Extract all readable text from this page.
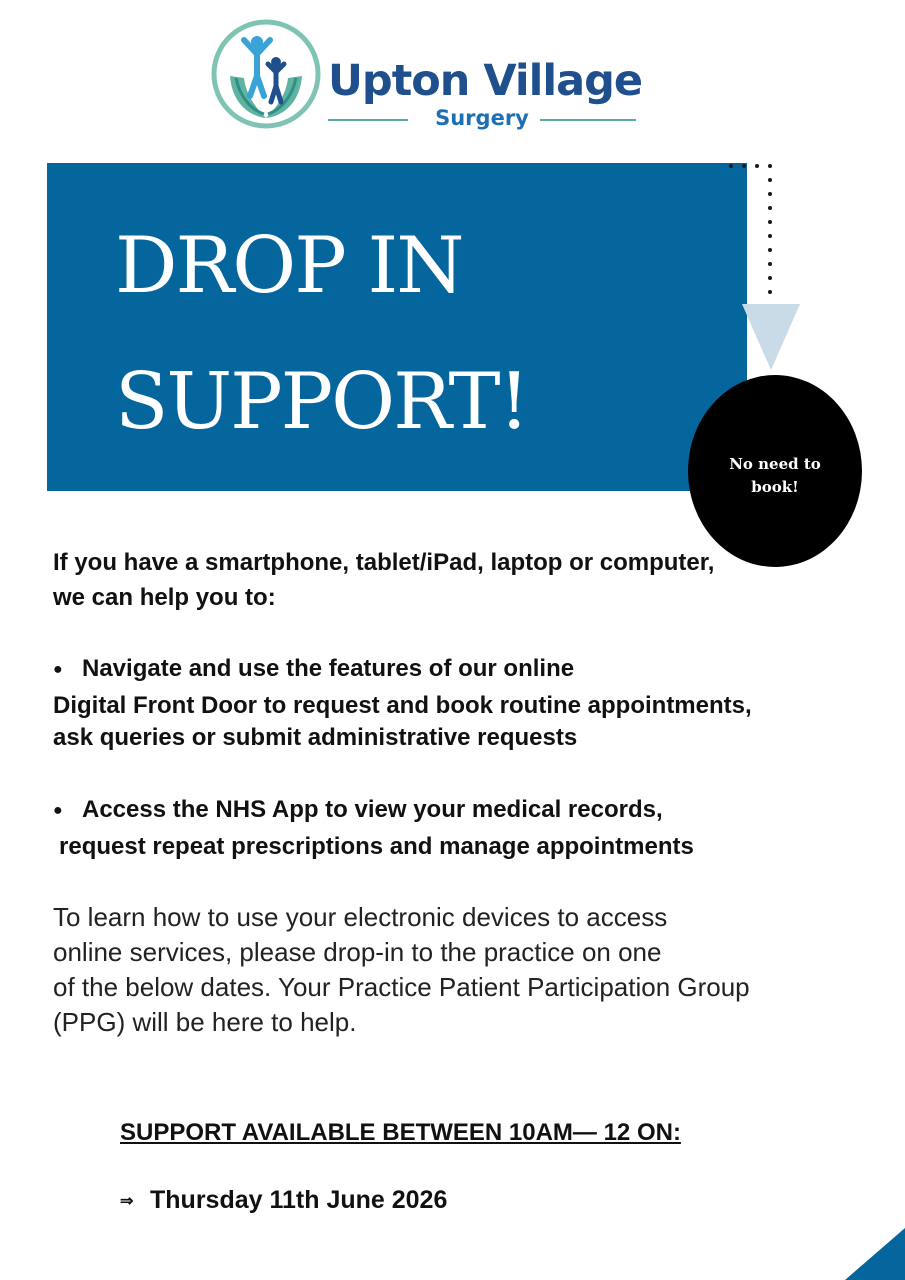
Upton Village
Surgery
DROP IN
SUPPORT!
No need to
book!
If you have a smartphone, tablet/iPad, laptop or computer, we can help you to:
● Navigate and use the features of our online
Digital Front Door to request and book routine appointments,
ask queries or submit administrative requests
● Access the NHS App to view your medical records,
request repeat prescriptions and manage appointments
To learn how to use your electronic devices to access
online services, please drop-in to the practice on one
of the below dates. Your Practice Patient Participation Group
(PPG) will be here to help.
SUPPORT AVAILABLE BETWEEN 10AM— 12 ON:
⇒ Thursday 11th June 2026
